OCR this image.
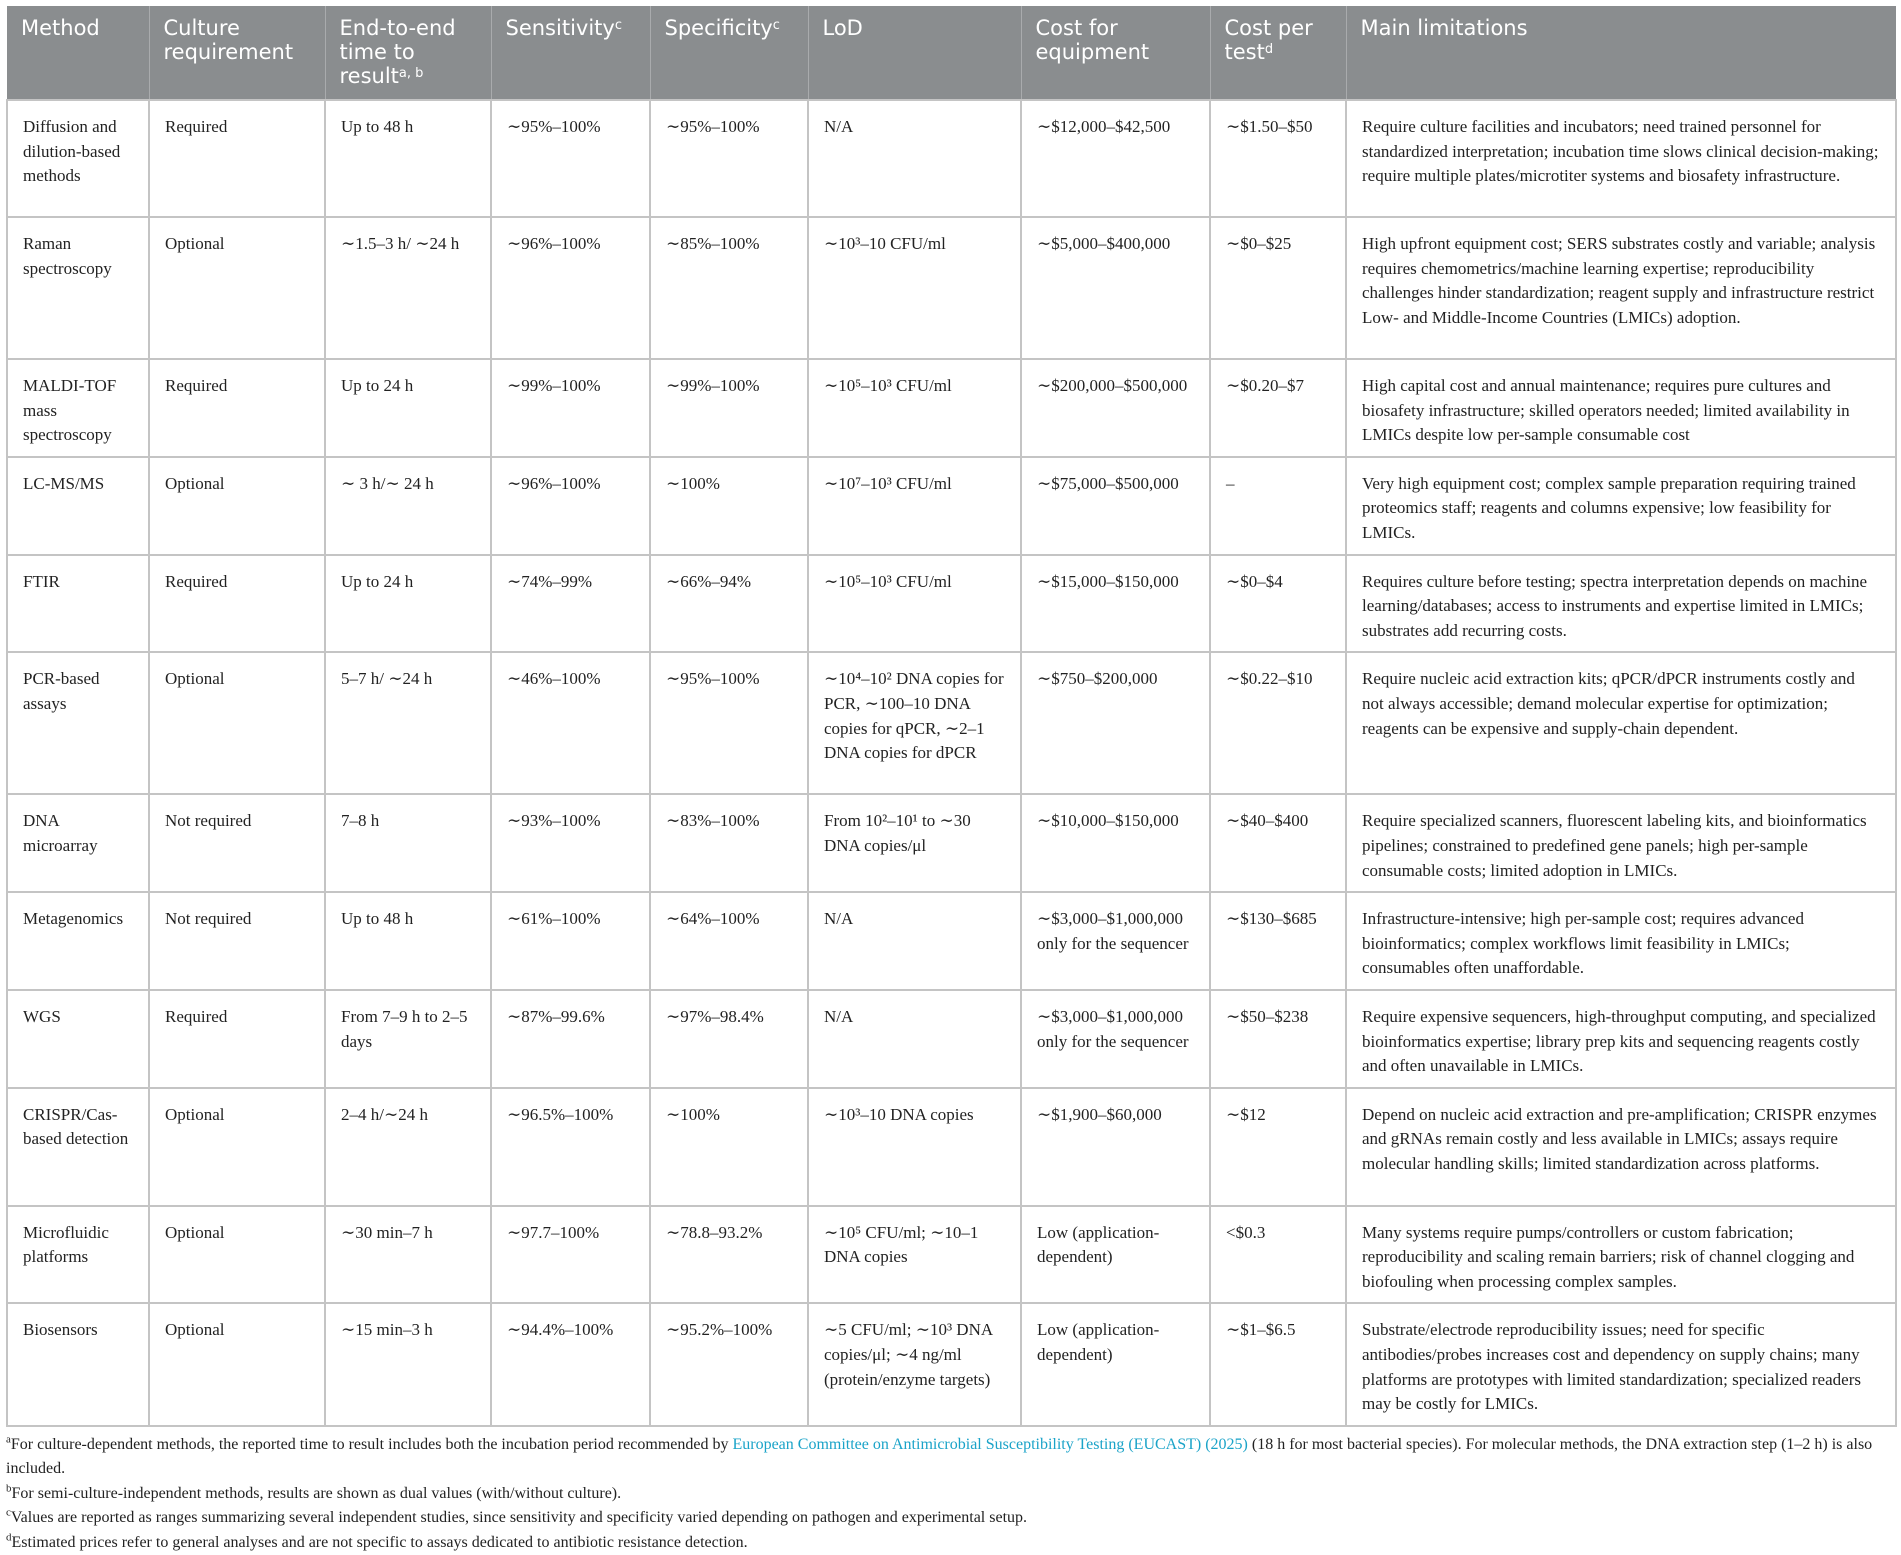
Method	Culture requirement	End-to-end time to result$^{a, b}$	Sensitivity$^c$	Specificity$^c$	LoD	Cost for equipment	Cost per test$^d$	Main limitations
Diffusion and dilution-based methods	Required	Up to 48 h	∼95%–100%	∼95%–100%	N/A	∼$12,000–$42,500	∼$1.50–$50	Require culture facilities and incubators; need trained personnel for standardized interpretation; incubation time slows clinical decision-making; require multiple plates/microtiter systems and biosafety infrastructure.
Raman spectroscopy	Optional	∼1.5–3 h/ ∼24 h	∼96%–100%	∼85%–100%	∼10³–10 CFU/ml	∼$5,000–$400,000	∼$0–$25	High upfront equipment cost; SERS substrates costly and variable; analysis requires chemometrics/machine learning expertise; reproducibility challenges hinder standardization; reagent supply and infrastructure restrict Low- and Middle-Income Countries (LMICs) adoption.
MALDI-TOF mass spectroscopy	Required	Up to 24 h	∼99%–100%	∼99%–100%	∼10⁵–10³ CFU/ml	∼$200,000–$500,000	∼$0.20–$7	High capital cost and annual maintenance; requires pure cultures and biosafety infrastructure; skilled operators needed; limited availability in LMICs despite low per-sample consumable cost
LC-MS/MS	Optional	∼ 3 h/∼ 24 h	∼96%–100%	∼100%	∼10⁷–10³ CFU/ml	∼$75,000–$500,000	–	Very high equipment cost; complex sample preparation requiring trained proteomics staff; reagents and columns expensive; low feasibility for LMICs.
FTIR	Required	Up to 24 h	∼74%–99%	∼66%–94%	∼10⁵–10³ CFU/ml	∼$15,000–$150,000	∼$0–$4	Requires culture before testing; spectra interpretation depends on machine learning/databases; access to instruments and expertise limited in LMICs; substrates add recurring costs.
PCR-based assays	Optional	5–7 h/ ∼24 h	∼46%–100%	∼95%–100%	∼10⁴–10² DNA copies for PCR, ∼100–10 DNA copies for qPCR, ∼2–1 DNA copies for dPCR	∼$750–$200,000	∼$0.22–$10	Require nucleic acid extraction kits; qPCR/dPCR instruments costly and not always accessible; demand molecular expertise for optimization; reagents can be expensive and supply-chain dependent.
DNA microarray	Not required	7–8 h	∼93%–100%	∼83%–100%	From 10²–10¹ to ∼30 DNA copies/μl	∼$10,000–$150,000	∼$40–$400	Require specialized scanners, fluorescent labeling kits, and bioinformatics pipelines; constrained to predefined gene panels; high per-sample consumable costs; limited adoption in LMICs.
Metagenomics	Not required	Up to 48 h	∼61%–100%	∼64%–100%	N/A	∼$3,000–$1,000,000 only for the sequencer	∼$130–$685	Infrastructure-intensive; high per-sample cost; requires advanced bioinformatics; complex workflows limit feasibility in LMICs; consumables often unaffordable.
WGS	Required	From 7–9 h to 2–5 days	∼87%–99.6%	∼97%–98.4%	N/A	∼$3,000–$1,000,000 only for the sequencer	∼$50–$238	Require expensive sequencers, high-throughput computing, and specialized bioinformatics expertise; library prep kits and sequencing reagents costly and often unavailable in LMICs.
CRISPR/Cas-based detection	Optional	2–4 h/∼24 h	∼96.5%–100%	∼100%	∼10³–10 DNA copies	∼$1,900–$60,000	∼$12	Depend on nucleic acid extraction and pre-amplification; CRISPR enzymes and gRNAs remain costly and less available in LMICs; assays require molecular handling skills; limited standardization across platforms.
Microfluidic platforms	Optional	∼30 min–7 h	∼97.7–100%	∼78.8–93.2%	∼10⁵ CFU/ml; ∼10–1 DNA copies	Low (application-dependent)	<$0.3	Many systems require pumps/controllers or custom fabrication; reproducibility and scaling remain barriers; risk of channel clogging and biofouling when processing complex samples.
Biosensors	Optional	∼15 min–3 h	∼94.4%–100%	∼95.2%–100%	∼5 CFU/ml; ∼10³ DNA copies/μl; ∼4 ng/ml (protein/enzyme targets)	Low (application-dependent)	∼$1–$6.5	Substrate/electrode reproducibility issues; need for specific antibodies/probes increases cost and dependency on supply chains; many platforms are prototypes with limited standardization; specialized readers may be costly for LMICs.

$^a$For culture-dependent methods, the reported time to result includes both the incubation period recommended by European Committee on Antimicrobial Susceptibility Testing (EUCAST) (2025) (18 h for most bacterial species). For molecular methods, the DNA extraction step (1–2 h) is also included.

$^b$For semi-culture-independent methods, results are shown as dual values (with/without culture).

$^c$Values are reported as ranges summarizing several independent studies, since sensitivity and specificity varied depending on pathogen and experimental setup.

$^d$Estimated prices refer to general analyses and are not specific to assays dedicated to antibiotic resistance detection.
